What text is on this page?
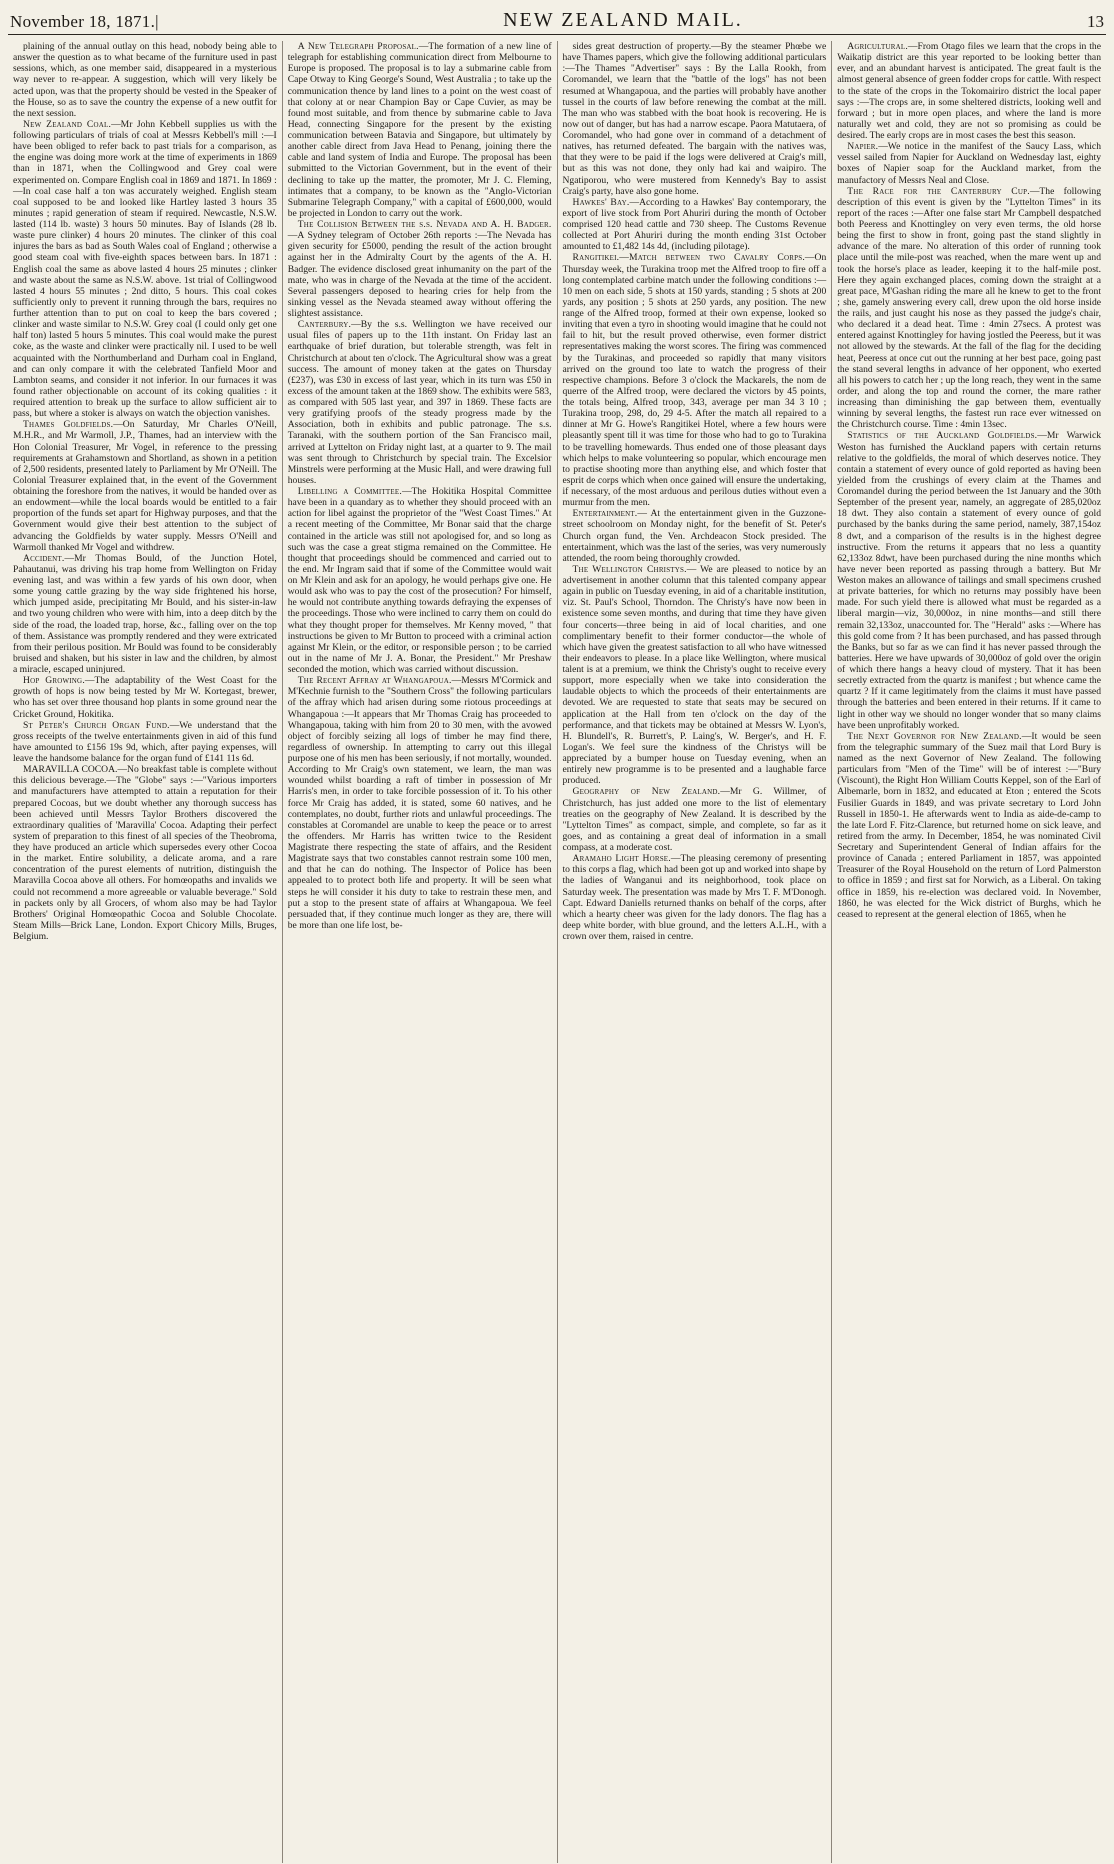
November 18, 1871.|	NEW ZEALAND MAIL.	13

plaining of the annual outlay on this head, nobody being able to answer the question as to what became of the furniture used in past sessions, which, as one member said, disappeared in a mysterious way never to re-appear. A suggestion, which will very likely be acted upon, was that the property should be vested in the Speaker of the House, so as to save the country the expense of a new outfit for the next session.

New Zealand Coal.—Mr John Kebbell supplies us with the following particulars of trials of coal at Messrs Kebbell's mill :—I have been obliged to refer back to past trials for a comparison, as the engine was doing more work at the time of experiments in 1869 than in 1871, when the Collingwood and Grey coal were experimented on. Compare English coal in 1869 and 1871. In 1869 :—In coal case half a ton was accurately weighed. English steam coal supposed to be and looked like Hartley lasted 3 hours 35 minutes ; rapid generation of steam if required. Newcastle, N.S.W. lasted (114 lb. waste) 3 hours 50 minutes. Bay of Islands (28 lb. waste pure clinker) 4 hours 20 minutes. The clinker of this coal injures the bars as bad as South Wales coal of England ; otherwise a good steam coal with five-eighth spaces between bars. In 1871 : English coal the same as above lasted 4 hours 25 minutes ; clinker and waste about the same as N.S.W. above. 1st trial of Collingwood lasted 4 hours 55 minutes ; 2nd ditto, 5 hours. This coal cokes sufficiently only to prevent it running through the bars, requires no further attention than to put on coal to keep the bars covered ; clinker and waste similar to N.S.W. Grey coal (I could only get one half ton) lasted 5 hours 5 minutes. This coal would make the purest coke, as the waste and clinker were practically nil. I used to be well acquainted with the Northumberland and Durham coal in England, and can only compare it with the celebrated Tanfield Moor and Lambton seams, and consider it not inferior. In our furnaces it was found rather objectionable on account of its coking qualities : it required attention to break up the surface to allow sufficient air to pass, but where a stoker is always on watch the objection vanishes.

Thames Goldfields.—On Saturday, Mr Charles O'Neill, M.H.R., and Mr Warmoll, J.P., Thames, had an interview with the Hon Colonial Treasurer, Mr Vogel, in reference to the pressing requirements at Grahamstown and Shortland, as shown in a petition of 2,500 residents, presented lately to Parliament by Mr O'Neill. The Colonial Treasurer explained that, in the event of the Government obtaining the foreshore from the natives, it would be handed over as an endowment—while the local boards would be entitled to a fair proportion of the funds set apart for Highway purposes, and that the Government would give their best attention to the subject of advancing the Goldfields by water supply. Messrs O'Neill and Warmoll thanked Mr Vogel and withdrew.

Accident.—Mr Thomas Bould, of the Junction Hotel, Pahautanui, was driving his trap home from Wellington on Friday evening last, and was within a few yards of his own door, when some young cattle grazing by the way side frightened his horse, which jumped aside, precipitating Mr Bould, and his sister-in-law and two young children who were with him, into a deep ditch by the side of the road, the loaded trap, horse, &c., falling over on the top of them. Assistance was promptly rendered and they were extricated from their perilous position. Mr Bould was found to be considerably bruised and shaken, but his sister in law and the children, by almost a miracle, escaped uninjured.

Hop Growing.—The adaptability of the West Coast for the growth of hops is now being tested by Mr W. Kortegast, brewer, who has set over three thousand hop plants in some ground near the Cricket Ground, Hokitika.

St Peter's Church Organ Fund.—We understand that the gross receipts of the twelve entertainments given in aid of this fund have amounted to £156 19s 9d, which, after paying expenses, will leave the handsome balance for the organ fund of £141 11s 6d.

MARAVILLA COCOA.—No breakfast table is complete without this delicious beverage.—The "Globe" says :—"Various importers and manufacturers have attempted to attain a reputation for their prepared Cocoas, but we doubt whether any thorough success has been achieved until Messrs Taylor Brothers discovered the extraordinary qualities of 'Maravilla' Cocoa. Adapting their perfect system of preparation to this finest of all species of the Theobroma, they have produced an article which supersedes every other Cocoa in the market. Entire solubility, a delicate aroma, and a rare concentration of the purest elements of nutrition, distinguish the Maravilla Cocoa above all others. For homœopaths and invalids we could not recommend a more agreeable or valuable beverage." Sold in packets only by all Grocers, of whom also may be had Taylor Brothers' Original Homœopathic Cocoa and Soluble Chocolate. Steam Mills—Brick Lane, London. Export Chicory Mills, Bruges, Belgium.

A New Telegraph Proposal.—The formation of a new line of telegraph for establishing communication direct from Melbourne to Europe is proposed. The proposal is to lay a submarine cable from Cape Otway to King George's Sound, West Australia ; to take up the communication thence by land lines to a point on the west coast of that colony at or near Champion Bay or Cape Cuvier, as may be found most suitable, and from thence by submarine cable to Java Head, connecting Singapore for the present by the existing communication between Batavia and Singapore, but ultimately by another cable direct from Java Head to Penang, joining there the cable and land system of India and Europe. The proposal has been submitted to the Victorian Government, but in the event of their declining to take up the matter, the promoter, Mr J. C. Fleming, intimates that a company, to be known as the "Anglo-Victorian Submarine Telegraph Company," with a capital of £600,000, would be projected in London to carry out the work.

The Collision Between the s.s. Nevada and A. H. Badger.—A Sydney telegram of October 26th reports :—The Nevada has given security for £5000, pending the result of the action brought against her in the Admiralty Court by the agents of the A. H. Badger. The evidence disclosed great inhumanity on the part of the mate, who was in charge of the Nevada at the time of the accident. Several passengers deposed to hearing cries for help from the sinking vessel as the Nevada steamed away without offering the slightest assistance.

Canterbury.—By the s.s. Wellington we have received our usual files of papers up to the 11th instant. On Friday last an earthquake of brief duration, but tolerable strength, was felt in Christchurch at about ten o'clock. The Agricultural show was a great success. The amount of money taken at the gates on Thursday (£237), was £30 in excess of last year, which in its turn was £50 in excess of the amount taken at the 1869 show. The exhibits were 583, as compared with 505 last year, and 397 in 1869. These facts are very gratifying proofs of the steady progress made by the Association, both in exhibits and public patronage. The s.s. Taranaki, with the southern portion of the San Francisco mail, arrived at Lyttelton on Friday night last, at a quarter to 9. The mail was sent through to Christchurch by special train. The Excelsior Minstrels were performing at the Music Hall, and were drawing full houses.

Libelling a Committee.—The Hokitika Hospital Committee have been in a quandary as to whether they should proceed with an action for libel against the proprietor of the "West Coast Times." At a recent meeting of the Committee, Mr Bonar said that the charge contained in the article was still not apologised for, and so long as such was the case a great stigma remained on the Committee. He thought that proceedings should be commenced and carried out to the end. Mr Ingram said that if some of the Committee would wait on Mr Klein and ask for an apology, he would perhaps give one. He would ask who was to pay the cost of the prosecution? For himself, he would not contribute anything towards defraying the expenses of the proceedings. Those who were inclined to carry them on could do what they thought proper for themselves. Mr Kenny moved, " that instructions be given to Mr Button to proceed with a criminal action against Mr Klein, or the editor, or responsible person ; to be carried out in the name of Mr J. A. Bonar, the President." Mr Preshaw seconded the motion, which was carried without discussion.

The Recent Affray at Whangapoua.—Messrs M'Cormick and M'Kechnie furnish to the "Southern Cross" the following particulars of the affray which had arisen during some riotous proceedings at Whangapoua :—It appears that Mr Thomas Craig has proceeded to Whangapoua, taking with him from 20 to 30 men, with the avowed object of forcibly seizing all logs of timber he may find there, regardless of ownership. In attempting to carry out this illegal purpose one of his men has been seriously, if not mortally, wounded. According to Mr Craig's own statement, we learn, the man was wounded whilst boarding a raft of timber in possession of Mr Harris's men, in order to take forcible possession of it. To his other force Mr Craig has added, it is stated, some 60 natives, and he contemplates, no doubt, further riots and unlawful proceedings. The constables at Coromandel are unable to keep the peace or to arrest the offenders. Mr Harris has written twice to the Resident Magistrate there respecting the state of affairs, and the Resident Magistrate says that two constables cannot restrain some 100 men, and that he can do nothing. The Inspector of Police has been appealed to to protect both life and property. It will be seen what steps he will consider it his duty to take to restrain these men, and put a stop to the present state of affairs at Whangapoua. We feel persuaded that, if they continue much longer as they are, there will be more than one life lost, be-

sides great destruction of property.—By the steamer Phœbe we have Thames papers, which give the following additional particulars :—The Thames "Advertiser" says : By the Lalla Rookh, from Coromandel, we learn that the "battle of the logs" has not been resumed at Whangapoua, and the parties will probably have another tussel in the courts of law before renewing the combat at the mill. The man who was stabbed with the boat hook is recovering. He is now out of danger, but has had a narrow escape. Paora Matutaera, of Coromandel, who had gone over in command of a detachment of natives, has returned defeated. The bargain with the natives was, that they were to be paid if the logs were delivered at Craig's mill, but as this was not done, they only had kai and waipiro. The Ngatiporou, who were mustered from Kennedy's Bay to assist Craig's party, have also gone home.

Hawkes' Bay.—According to a Hawkes' Bay contemporary, the export of live stock from Port Ahuriri during the month of October comprised 120 head cattle and 730 sheep. The Customs Revenue collected at Port Ahuriri during the month ending 31st October amounted to £1,482 14s 4d, (including pilotage).

Rangitikei.—Match between two Cavalry Corps.—On Thursday week, the Turakina troop met the Alfred troop to fire off a long contemplated carbine match under the following conditions :—10 men on each side, 5 shots at 150 yards, standing ; 5 shots at 200 yards, any position ; 5 shots at 250 yards, any position. The new range of the Alfred troop, formed at their own expense, looked so inviting that even a tyro in shooting would imagine that he could not fail to hit, but the result proved otherwise, even former district representatives making the worst scores. The firing was commenced by the Turakinas, and proceeded so rapidly that many visitors arrived on the ground too late to watch the progress of their respective champions. Before 3 o'clock the Mackarels, the nom de querre of the Alfred troop, were declared the victors by 45 points, the totals being, Alfred troop, 343, average per man 34 3 10 ; Turakina troop, 298, do, 29 4-5. After the match all repaired to a dinner at Mr G. Howe's Rangitikei Hotel, where a few hours were pleasantly spent till it was time for those who had to go to Turakina to be travelling homewards. Thus ended one of those pleasant days which helps to make volunteering so popular, which encourage men to practise shooting more than anything else, and which foster that esprit de corps which when once gained will ensure the undertaking, if necessary, of the most arduous and perilous duties without even a murmur from the men.

Entertainment.— At the entertainment given in the Guzzone-street schoolroom on Monday night, for the benefit of St. Peter's Church organ fund, the Ven. Archdeacon Stock presided. The entertainment, which was the last of the series, was very numerously attended, the room being thoroughly crowded.

The Wellington Christys.— We are pleased to notice by an advertisement in another column that this talented company appear again in public on Tuesday evening, in aid of a charitable institution, viz. St. Paul's School, Thorndon. The Christy's have now been in existence some seven months, and during that time they have given four concerts—three being in aid of local charities, and one complimentary benefit to their former conductor—the whole of which have given the greatest satisfaction to all who have witnessed their endeavors to please. In a place like Wellington, where musical talent is at a premium, we think the Christy's ought to receive every support, more especially when we take into consideration the laudable objects to which the proceeds of their entertainments are devoted. We are requested to state that seats may be secured on application at the Hall from ten o'clock on the day of the performance, and that tickets may be obtained at Messrs W. Lyon's, H. Blundell's, R. Burrett's, P. Laing's, W. Berger's, and H. F. Logan's. We feel sure the kindness of the Christys will be appreciated by a bumper house on Tuesday evening, when an entirely new programme is to be presented and a laughable farce produced.

Geography of New Zealand.—Mr G. Willmer, of Christchurch, has just added one more to the list of elementary treaties on the geography of New Zealand. It is described by the "Lyttelton Times" as compact, simple, and complete, so far as it goes, and as containing a great deal of information in a small compass, at a moderate cost.

Aramaho Light Horse.—The pleasing ceremony of presenting to this corps a flag, which had been got up and worked into shape by the ladies of Wanganui and its neighborhood, took place on Saturday week. The presentation was made by Mrs T. F. M'Donogh. Capt. Edward Daniells returned thanks on behalf of the corps, after which a hearty cheer was given for the lady donors. The flag has a deep white border, with blue ground, and the letters A.L.H., with a crown over them, raised in centre.

Agricultural.—From Otago files we learn that the crops in the Waikatip district are this year reported to be looking better than ever, and an abundant harvest is anticipated. The great fault is the almost general absence of green fodder crops for cattle. With respect to the state of the crops in the Tokomairiro district the local paper says :—The crops are, in some sheltered districts, looking well and forward ; but in more open places, and where the land is more naturally wet and cold, they are not so promising as could be desired. The early crops are in most cases the best this season.

Napier.—We notice in the manifest of the Saucy Lass, which vessel sailed from Napier for Auckland on Wednesday last, eighty boxes of Napier soap for the Auckland market, from the manufactory of Messrs Neal and Close.

The Race for the Canterbury Cup.—The following description of this event is given by the "Lyttelton Times" in its report of the races :—After one false start Mr Campbell despatched both Peeress and Knottingley on very even terms, the old horse being the first to show in front, going past the stand slightly in advance of the mare. No alteration of this order of running took place until the mile-post was reached, when the mare went up and took the horse's place as leader, keeping it to the half-mile post. Here they again exchanged places, coming down the straight at a great pace, M'Gashan riding the mare all he knew to get to the front ; she, gamely answering every call, drew upon the old horse inside the rails, and just caught his nose as they passed the judge's chair, who declared it a dead heat. Time : 4min 27secs. A protest was entered against Knottingley for having jostled the Peeress, but it was not allowed by the stewards. At the fall of the flag for the deciding heat, Peeress at once cut out the running at her best pace, going past the stand several lengths in advance of her opponent, who exerted all his powers to catch her ; up the long reach, they went in the same order, and along the top and round the corner, the mare rather increasing than diminishing the gap between them, eventually winning by several lengths, the fastest run race ever witnessed on the Christchurch course. Time : 4min 13sec.

Statistics of the Auckland Goldfields.—Mr Warwick Weston has furnished the Auckland papers with certain returns relative to the goldfields, the moral of which deserves notice. They contain a statement of every ounce of gold reported as having been yielded from the crushings of every claim at the Thames and Coromandel during the period between the 1st January and the 30th September of the present year, namely, an aggregate of 285,020oz 18 dwt. They also contain a statement of every ounce of gold purchased by the banks during the same period, namely, 387,154oz 8 dwt, and a comparison of the results is in the highest degree instructive. From the returns it appears that no less a quantity 62,133oz 8dwt, have been purchased during the nine months which have never been reported as passing through a battery. But Mr Weston makes an allowance of tailings and small specimens crushed at private batteries, for which no returns may possibly have been made. For such yield there is allowed what must be regarded as a liberal margin—viz, 30,000oz, in nine months—and still there remain 32,133oz, unaccounted for. The "Herald" asks :—Where has this gold come from ? It has been purchased, and has passed through the Banks, but so far as we can find it has never passed through the batteries. Here we have upwards of 30,000oz of gold over the origin of which there hangs a heavy cloud of mystery. That it has been secretly extracted from the quartz is manifest ; but whence came the quartz ? If it came legitimately from the claims it must have passed through the batteries and been entered in their returns. If it came to light in other way we should no longer wonder that so many claims have been unprofitably worked.

The Next Governor for New Zealand.—It would be seen from the telegraphic summary of the Suez mail that Lord Bury is named as the next Governor of New Zealand. The following particulars from "Men of the Time" will be of interest :—"Bury (Viscount), the Right Hon William Coutts Keppel, son of the Earl of Albemarle, born in 1832, and educated at Eton ; entered the Scots Fusilier Guards in 1849, and was private secretary to Lord John Russell in 1850-1. He afterwards went to India as aide-de-camp to the late Lord F. Fitz-Clarence, but returned home on sick leave, and retired from the army. In December, 1854, he was nominated Civil Secretary and Superintendent General of Indian affairs for the province of Canada ; entered Parliament in 1857, was appointed Treasurer of the Royal Household on the return of Lord Palmerston to office in 1859 ; and first sat for Norwich, as a Liberal. On taking office in 1859, his re-election was declared void. In November, 1860, he was elected for the Wick district of Burghs, which he ceased to represent at the general election of 1865, when he
